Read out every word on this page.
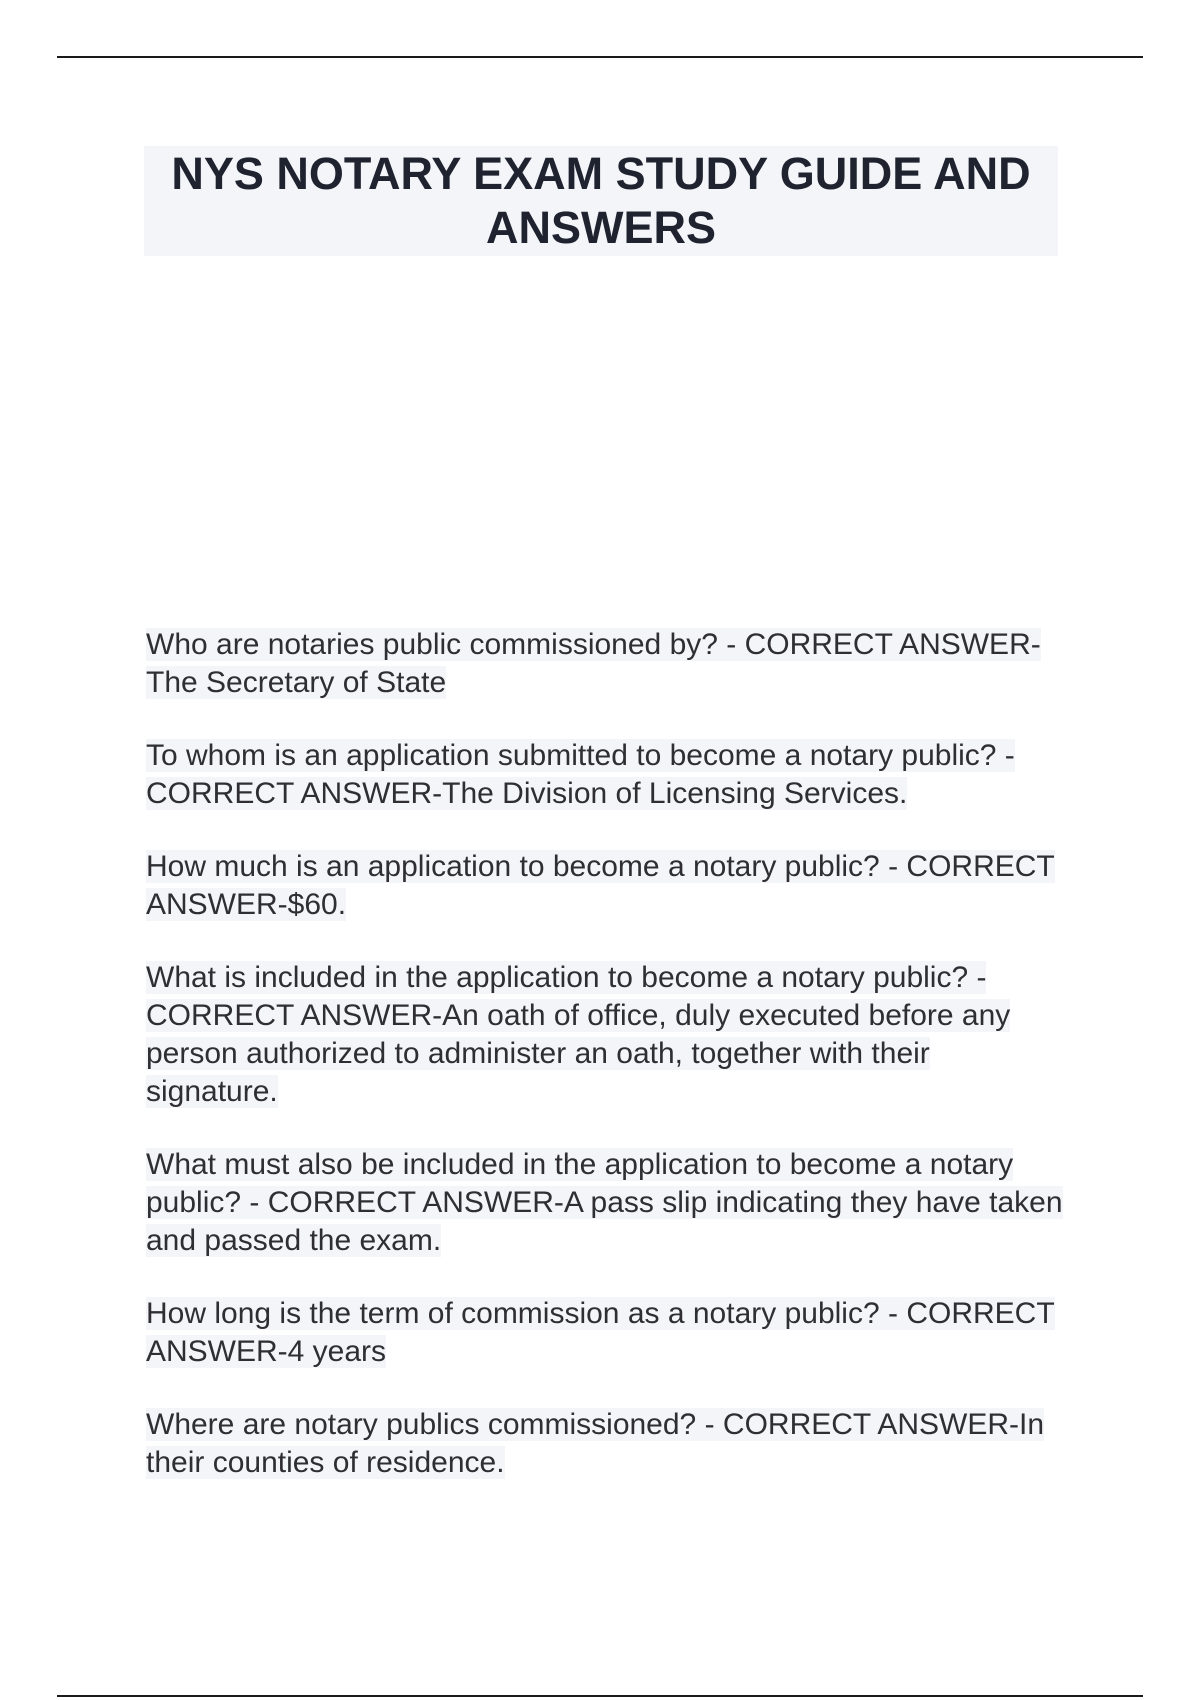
NYS NOTARY EXAM STUDY GUIDE AND ANSWERS

Who are notaries public commissioned by? - CORRECT ANSWER-The Secretary of State

To whom is an application submitted to become a notary public? - CORRECT ANSWER-The Division of Licensing Services.

How much is an application to become a notary public? - CORRECT ANSWER-$60.

What is included in the application to become a notary public? - CORRECT ANSWER-An oath of office, duly executed before any person authorized to administer an oath, together with their signature.

What must also be included in the application to become a notary public? - CORRECT ANSWER-A pass slip indicating they have taken and passed the exam.

How long is the term of commission as a notary public? - CORRECT ANSWER-4 years

Where are notary publics commissioned? - CORRECT ANSWER-In their counties of residence.
